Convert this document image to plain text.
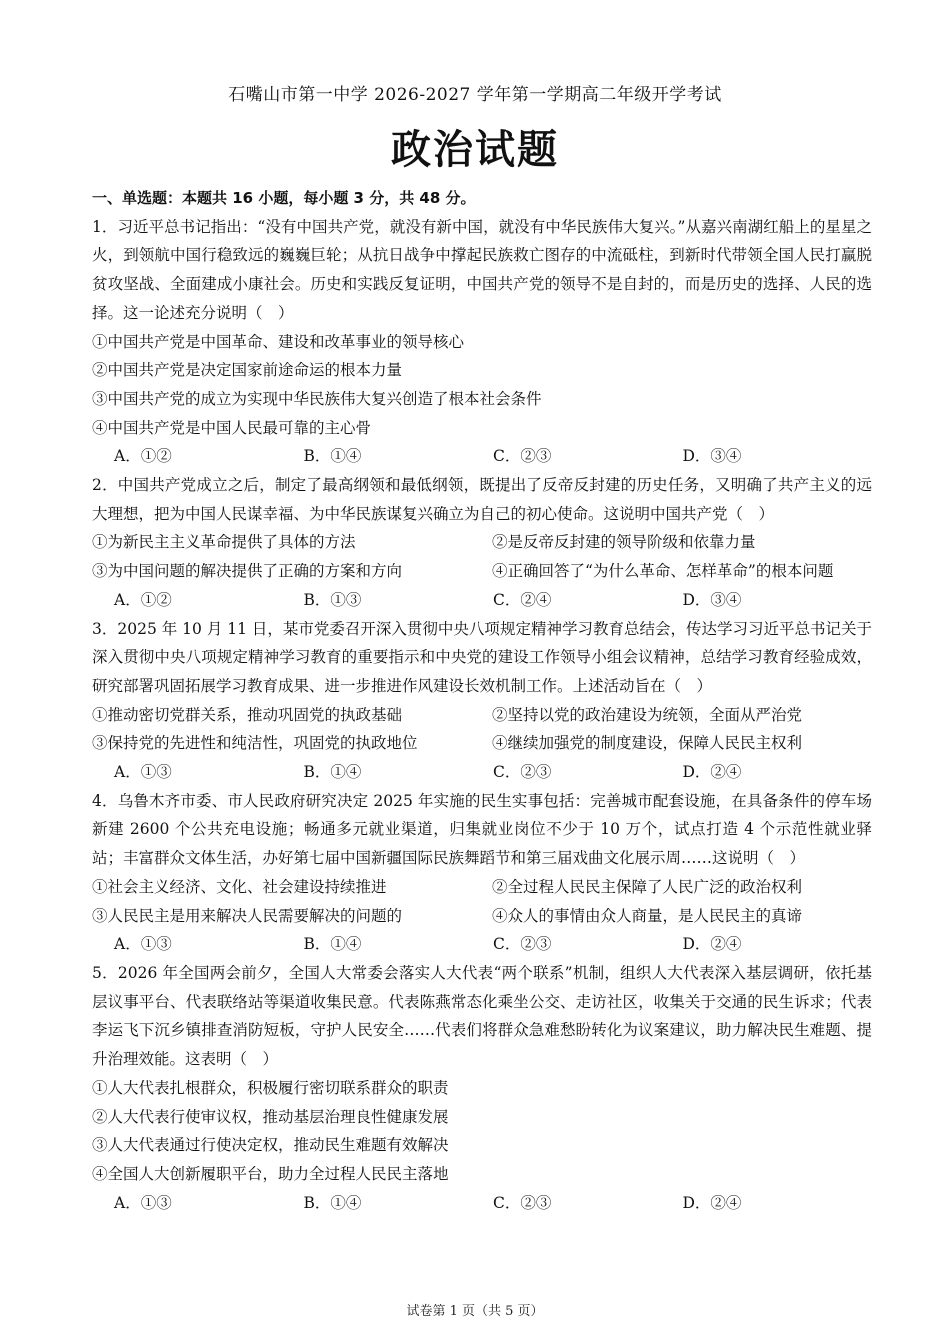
石嘴山市第一中学 2026-2027 学年第一学期高二年级开学考试
政治试题
一、单选题：本题共 16 小题，每小题 3 分，共 48 分。
1．习近平总书记指出：“没有中国共产党，就没有新中国，就没有中华民族伟大复兴。”从嘉兴南湖红船上的星星之火，到领航中国行稳致远的巍巍巨轮；从抗日战争中撑起民族救亡图存的中流砥柱，到新时代带领全国人民打赢脱贫攻坚战、全面建成小康社会。历史和实践反复证明，中国共产党的领导不是自封的，而是历史的选择、人民的选择。这一论述充分说明（　）
①中国共产党是中国革命、建设和改革事业的领导核心
②中国共产党是决定国家前途命运的根本力量
③中国共产党的成立为实现中华民族伟大复兴创造了根本社会条件
④中国共产党是中国人民最可靠的主心骨
A．①②	B．①④	C．②③	D．③④
2．中国共产党成立之后，制定了最高纲领和最低纲领，既提出了反帝反封建的历史任务，又明确了共产主义的远大理想，把为中国人民谋幸福、为中华民族谋复兴确立为自己的初心使命。这说明中国共产党（　）
①为新民主主义革命提供了具体的方法	②是反帝反封建的领导阶级和依靠力量
③为中国问题的解决提供了正确的方案和方向	④正确回答了“为什么革命、怎样革命”的根本问题
A．①②	B．①③	C．②④	D．③④
3．2025 年 10 月 11 日，某市党委召开深入贯彻中央八项规定精神学习教育总结会，传达学习习近平总书记关于深入贯彻中央八项规定精神学习教育的重要指示和中央党的建设工作领导小组会议精神，总结学习教育经验成效，研究部署巩固拓展学习教育成果、进一步推进作风建设长效机制工作。上述活动旨在（　）
①推动密切党群关系，推动巩固党的执政基础	②坚持以党的政治建设为统领，全面从严治党
③保持党的先进性和纯洁性，巩固党的执政地位	④继续加强党的制度建设，保障人民民主权利
A．①③	B．①④	C．②③	D．②④
4．乌鲁木齐市委、市人民政府研究决定 2025 年实施的民生实事包括：完善城市配套设施，在具备条件的停车场新建 2600 个公共充电设施；畅通多元就业渠道，归集就业岗位不少于 10 万个，试点打造 4 个示范性就业驿站；丰富群众文体生活，办好第七届中国新疆国际民族舞蹈节和第三届戏曲文化展示周……这说明（　）
①社会主义经济、文化、社会建设持续推进	②全过程人民民主保障了人民广泛的政治权利
③人民民主是用来解决人民需要解决的问题的	④众人的事情由众人商量，是人民民主的真谛
A．①③	B．①④	C．②③	D．②④
5．2026 年全国两会前夕，全国人大常委会落实人大代表“两个联系”机制，组织人大代表深入基层调研，依托基层议事平台、代表联络站等渠道收集民意。代表陈燕常态化乘坐公交、走访社区，收集关于交通的民生诉求；代表李运飞下沉乡镇排查消防短板，守护人民安全……代表们将群众急难愁盼转化为议案建议，助力解决民生难题、提升治理效能。这表明（　）
①人大代表扎根群众，积极履行密切联系群众的职责
②人大代表行使审议权，推动基层治理良性健康发展
③人大代表通过行使决定权，推动民生难题有效解决
④全国人大创新履职平台，助力全过程人民民主落地
A．①③	B．①④	C．②③	D．②④
试卷第 1 页（共 5 页）
